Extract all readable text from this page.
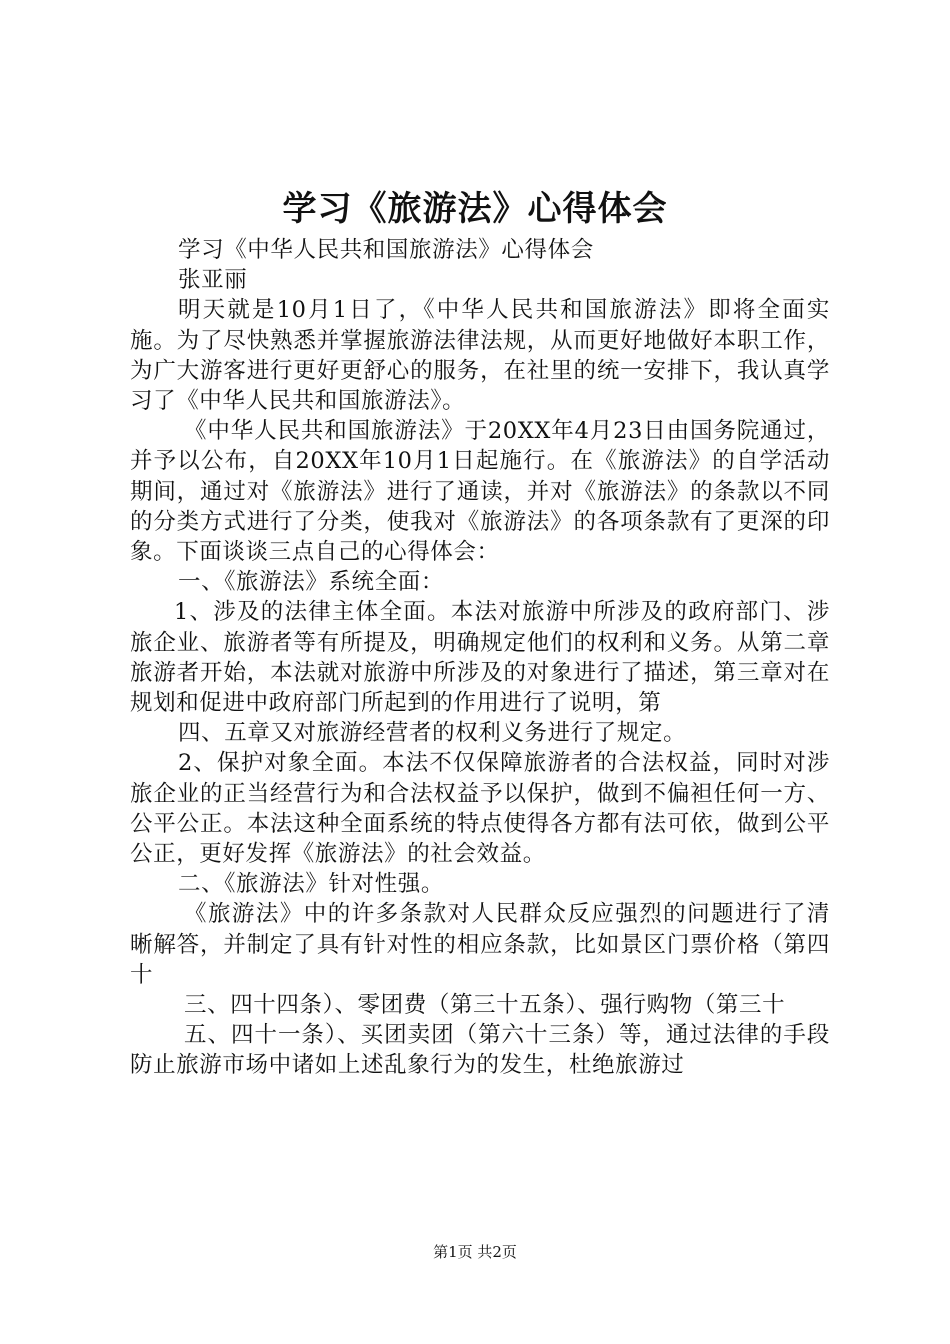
学习《旅游法》心得体会

学习《中华人民共和国旅游法》心得体会

张亚丽

明天就是10月1日了，《中华人民共和国旅游法》即将全面实施。为了尽快熟悉并掌握旅游法律法规，从而更好地做好本职工作，为广大游客进行更好更舒心的服务，在社里的统一安排下，我认真学习了《中华人民共和国旅游法》。

《中华人民共和国旅游法》于20XX年4月23日由国务院通过，并予以公布，自20XX年10月1日起施行。在《旅游法》的自学活动期间，通过对《旅游法》进行了通读，并对《旅游法》的条款以不同的分类方式进行了分类，使我对《旅游法》的各项条款有了更深的印象。下面谈谈三点自己的心得体会：

一、《旅游法》系统全面：

1、涉及的法律主体全面。本法对旅游中所涉及的政府部门、涉旅企业、旅游者等有所提及，明确规定他们的权利和义务。从第二章旅游者开始，本法就对旅游中所涉及的对象进行了描述，第三章对在规划和促进中政府部门所起到的作用进行了说明，第

四、五章又对旅游经营者的权利义务进行了规定。

2、保护对象全面。本法不仅保障旅游者的合法权益，同时对涉旅企业的正当经营行为和合法权益予以保护，做到不偏袒任何一方、公平公正。本法这种全面系统的特点使得各方都有法可依，做到公平公正，更好发挥《旅游法》的社会效益。

二、《旅游法》针对性强。

《旅游法》中的许多条款对人民群众反应强烈的问题进行了清晰解答，并制定了具有针对性的相应条款，比如景区门票价格（第四十

三、四十四条）、零团费（第三十五条）、强行购物（第三十

五、四十一条）、买团卖团（第六十三条）等，通过法律的手段防止旅游市场中诸如上述乱象行为的发生，杜绝旅游过

第1页 共2页
